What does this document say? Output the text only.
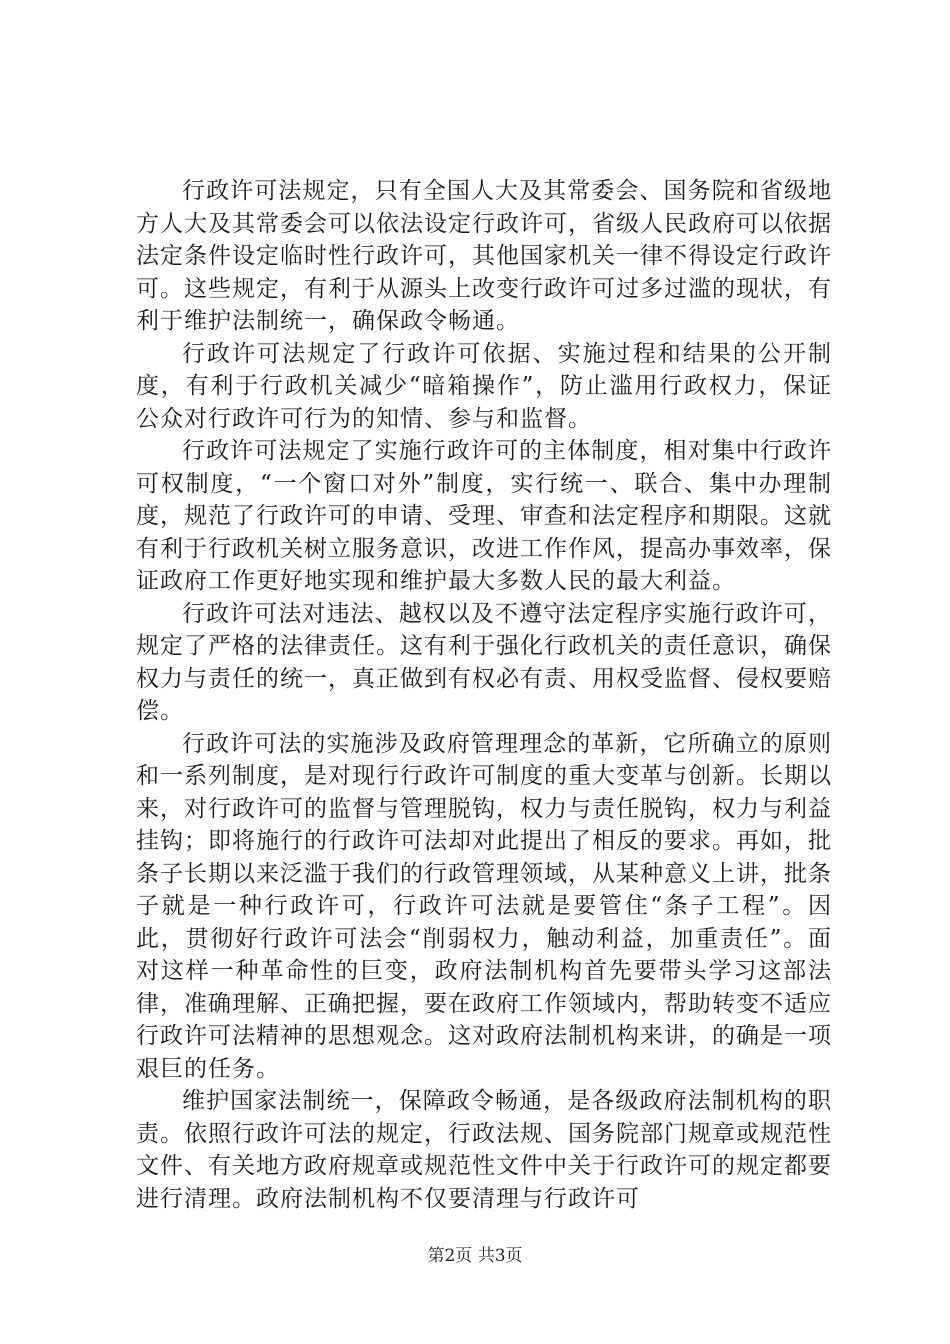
行政许可法规定，只有全国人大及其常委会、国务院和省级地方人大及其常委会可以依法设定行政许可，省级人民政府可以依据法定条件设定临时性行政许可，其他国家机关一律不得设定行政许可。这些规定，有利于从源头上改变行政许可过多过滥的现状，有利于维护法制统一，确保政令畅通。

行政许可法规定了行政许可依据、实施过程和结果的公开制度，有利于行政机关减少“暗箱操作”，防止滥用行政权力，保证公众对行政许可行为的知情、参与和监督。

行政许可法规定了实施行政许可的主体制度，相对集中行政许可权制度，“一个窗口对外”制度，实行统一、联合、集中办理制度，规范了行政许可的申请、受理、审查和法定程序和期限。这就有利于行政机关树立服务意识，改进工作作风，提高办事效率，保证政府工作更好地实现和维护最大多数人民的最大利益。

行政许可法对违法、越权以及不遵守法定程序实施行政许可，规定了严格的法律责任。这有利于强化行政机关的责任意识，确保权力与责任的统一，真正做到有权必有责、用权受监督、侵权要赔偿。

行政许可法的实施涉及政府管理理念的革新，它所确立的原则和一系列制度，是对现行行政许可制度的重大变革与创新。长期以来，对行政许可的监督与管理脱钩，权力与责任脱钩，权力与利益挂钩；即将施行的行政许可法却对此提出了相反的要求。再如，批条子长期以来泛滥于我们的行政管理领域，从某种意义上讲，批条子就是一种行政许可，行政许可法就是要管住“条子工程”。因此，贯彻好行政许可法会“削弱权力，触动利益，加重责任”。面对这样一种革命性的巨变，政府法制机构首先要带头学习这部法律，准确理解、正确把握，要在政府工作领域内，帮助转变不适应行政许可法精神的思想观念。这对政府法制机构来讲，的确是一项艰巨的任务。

维护国家法制统一，保障政令畅通，是各级政府法制机构的职责。依照行政许可法的规定，行政法规、国务院部门规章或规范性文件、有关地方政府规章或规范性文件中关于行政许可的规定都要进行清理。政府法制机构不仅要清理与行政许可

第2页 共3页
